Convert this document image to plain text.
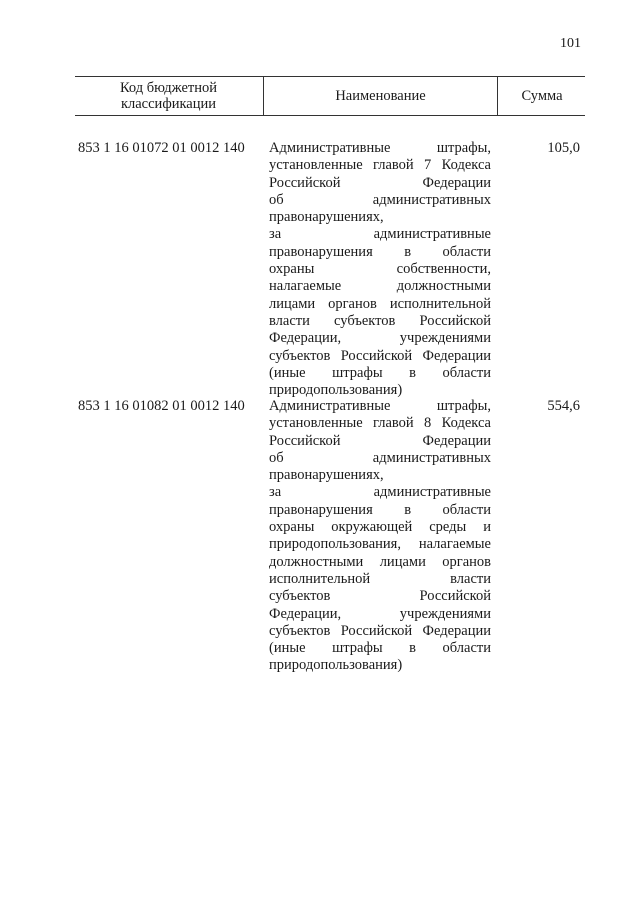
101
Код бюджетной классификации	Наименование	Сумма
853 1 16 01072 01 0012 140 Административные штрафы,
установленные главой 7 Кодекса
Российской Федерации
об административных
правонарушениях,
за административные
правонарушения в области
охраны собственности,
налагаемые должностными
лицами органов исполнительной
власти субъектов Российской
Федерации, учреждениями
субъектов Российской Федерации
(иные штрафы в области
природопользования)
105,0
853 1 16 01082 01 0012 140 Административные штрафы,
установленные главой 8 Кодекса
Российской Федерации
об административных
правонарушениях,
за административные
правонарушения в области
охраны окружающей среды и
природопользования, налагаемые
должностными лицами органов
исполнительной власти
субъектов Российской
Федерации, учреждениями
субъектов Российской Федерации
(иные штрафы в области
природопользования)
554,6
